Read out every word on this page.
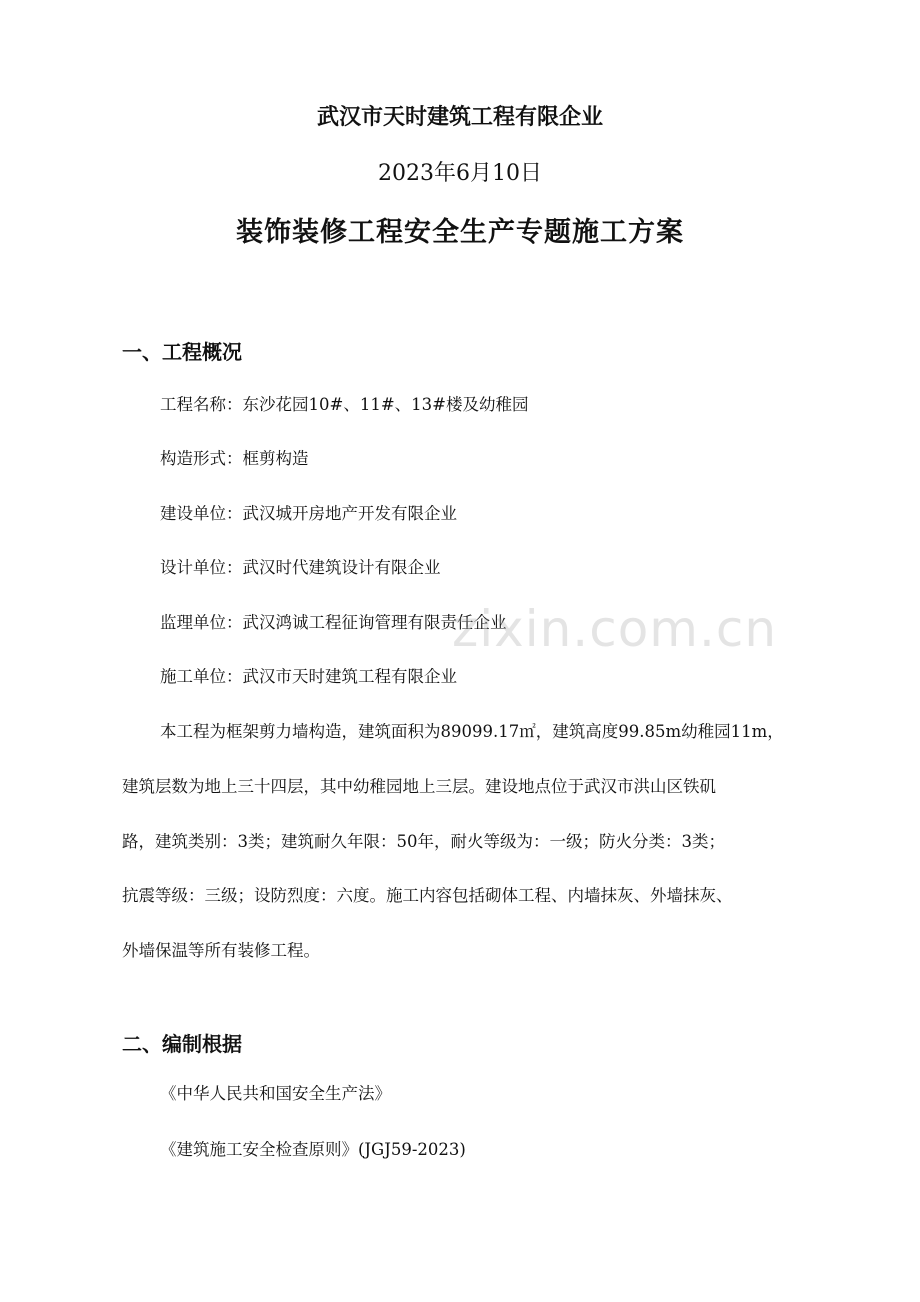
武汉市天时建筑工程有限企业
2023年6月10日
装饰装修工程安全生产专题施工方案
一、工程概况
工程名称：东沙花园10#、11#、13#楼及幼稚园
构造形式：框剪构造
建设单位：武汉城开房地产开发有限企业
设计单位：武汉时代建筑设计有限企业
监理单位：武汉鸿诚工程征询管理有限责任企业
施工单位：武汉市天时建筑工程有限企业
本工程为框架剪力墙构造，建筑面积为89099.17㎡，建筑高度99.85m幼稚园11m，
建筑层数为地上三十四层，其中幼稚园地上三层。建设地点位于武汉市洪山区铁矶
路，建筑类别：3类；建筑耐久年限：50年，耐火等级为：一级；防火分类：3类；
抗震等级：三级；设防烈度：六度。施工内容包括砌体工程、内墙抹灰、外墙抹灰、
外墙保温等所有装修工程。
二、编制根据
《中华人民共和国安全生产法》
《建筑施工安全检查原则》(JGJ59-2023)
zixin.com.cn
